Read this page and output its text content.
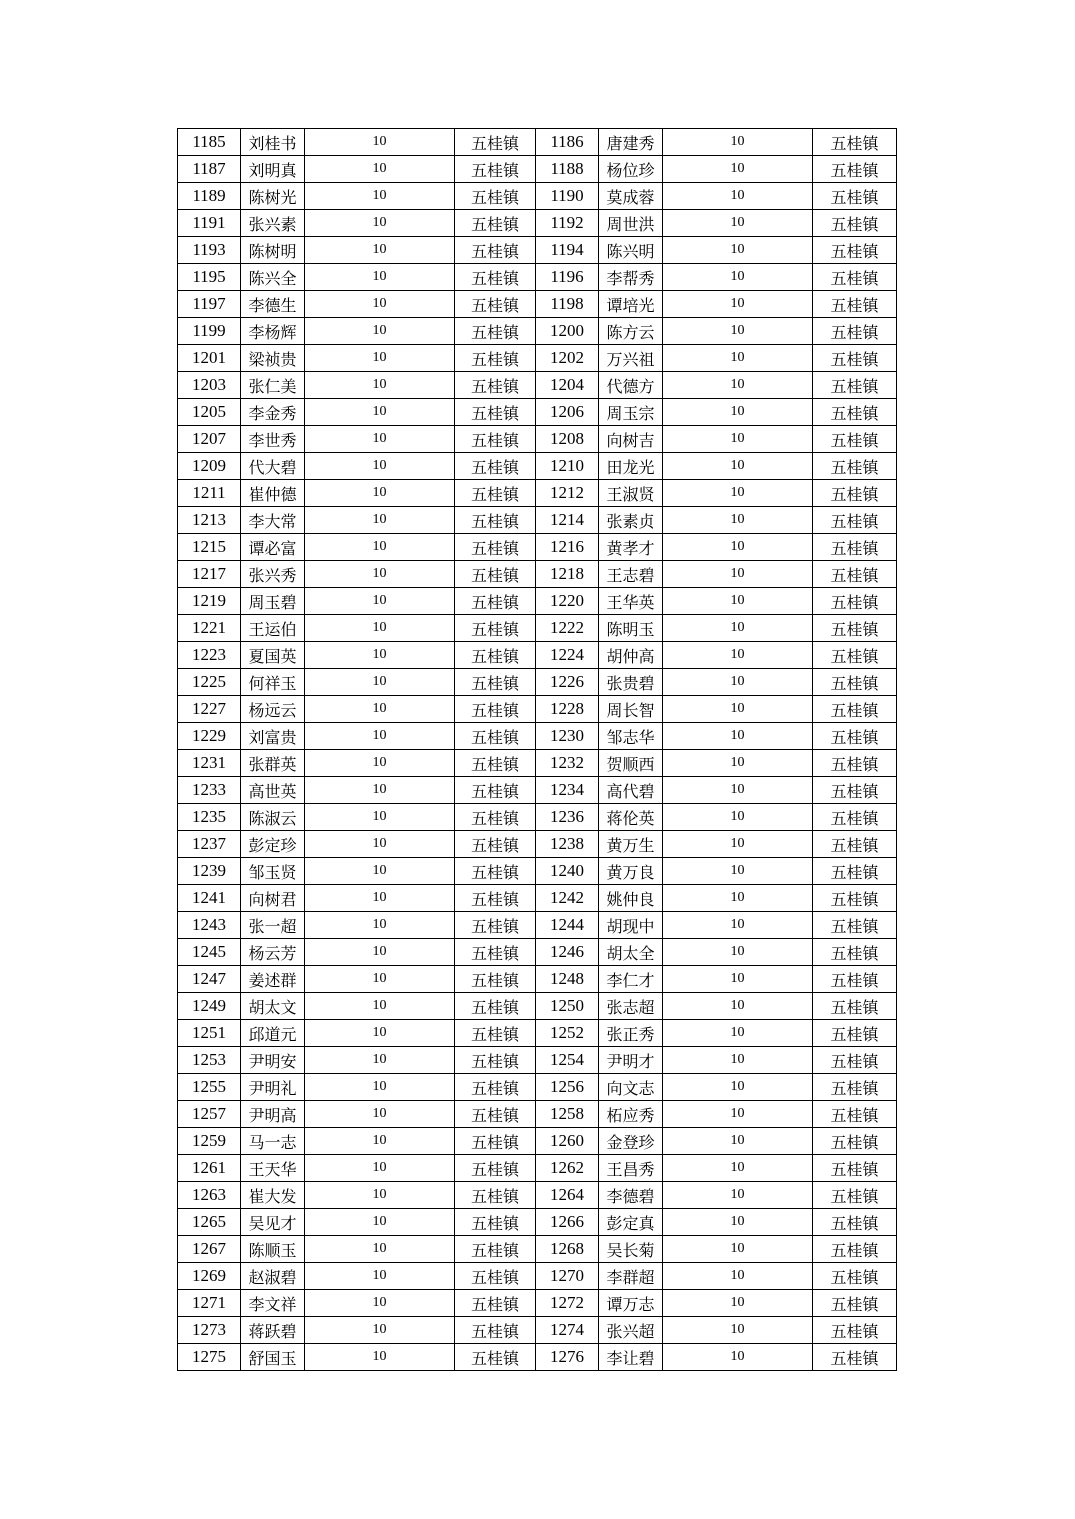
1185	刘桂书	10	五桂镇	1186	唐建秀	10	五桂镇
1187	刘明真	10	五桂镇	1188	杨位珍	10	五桂镇
1189	陈树光	10	五桂镇	1190	莫成蓉	10	五桂镇
1191	张兴素	10	五桂镇	1192	周世洪	10	五桂镇
1193	陈树明	10	五桂镇	1194	陈兴明	10	五桂镇
1195	陈兴全	10	五桂镇	1196	李帮秀	10	五桂镇
1197	李德生	10	五桂镇	1198	谭培光	10	五桂镇
1199	李杨辉	10	五桂镇	1200	陈方云	10	五桂镇
1201	梁祯贵	10	五桂镇	1202	万兴祖	10	五桂镇
1203	张仁美	10	五桂镇	1204	代德方	10	五桂镇
1205	李金秀	10	五桂镇	1206	周玉宗	10	五桂镇
1207	李世秀	10	五桂镇	1208	向树吉	10	五桂镇
1209	代大碧	10	五桂镇	1210	田龙光	10	五桂镇
1211	崔仲德	10	五桂镇	1212	王淑贤	10	五桂镇
1213	李大常	10	五桂镇	1214	张素贞	10	五桂镇
1215	谭必富	10	五桂镇	1216	黄孝才	10	五桂镇
1217	张兴秀	10	五桂镇	1218	王志碧	10	五桂镇
1219	周玉碧	10	五桂镇	1220	王华英	10	五桂镇
1221	王运伯	10	五桂镇	1222	陈明玉	10	五桂镇
1223	夏国英	10	五桂镇	1224	胡仲高	10	五桂镇
1225	何祥玉	10	五桂镇	1226	张贵碧	10	五桂镇
1227	杨远云	10	五桂镇	1228	周长智	10	五桂镇
1229	刘富贵	10	五桂镇	1230	邹志华	10	五桂镇
1231	张群英	10	五桂镇	1232	贺顺西	10	五桂镇
1233	高世英	10	五桂镇	1234	高代碧	10	五桂镇
1235	陈淑云	10	五桂镇	1236	蒋伦英	10	五桂镇
1237	彭定珍	10	五桂镇	1238	黄万生	10	五桂镇
1239	邹玉贤	10	五桂镇	1240	黄万良	10	五桂镇
1241	向树君	10	五桂镇	1242	姚仲良	10	五桂镇
1243	张一超	10	五桂镇	1244	胡现中	10	五桂镇
1245	杨云芳	10	五桂镇	1246	胡太全	10	五桂镇
1247	姜述群	10	五桂镇	1248	李仁才	10	五桂镇
1249	胡太文	10	五桂镇	1250	张志超	10	五桂镇
1251	邱道元	10	五桂镇	1252	张正秀	10	五桂镇
1253	尹明安	10	五桂镇	1254	尹明才	10	五桂镇
1255	尹明礼	10	五桂镇	1256	向文志	10	五桂镇
1257	尹明高	10	五桂镇	1258	柘应秀	10	五桂镇
1259	马一志	10	五桂镇	1260	金登珍	10	五桂镇
1261	王天华	10	五桂镇	1262	王昌秀	10	五桂镇
1263	崔大发	10	五桂镇	1264	李德碧	10	五桂镇
1265	吴见才	10	五桂镇	1266	彭定真	10	五桂镇
1267	陈顺玉	10	五桂镇	1268	吴长菊	10	五桂镇
1269	赵淑碧	10	五桂镇	1270	李群超	10	五桂镇
1271	李文祥	10	五桂镇	1272	谭万志	10	五桂镇
1273	蒋跃碧	10	五桂镇	1274	张兴超	10	五桂镇
1275	舒国玉	10	五桂镇	1276	李让碧	10	五桂镇
